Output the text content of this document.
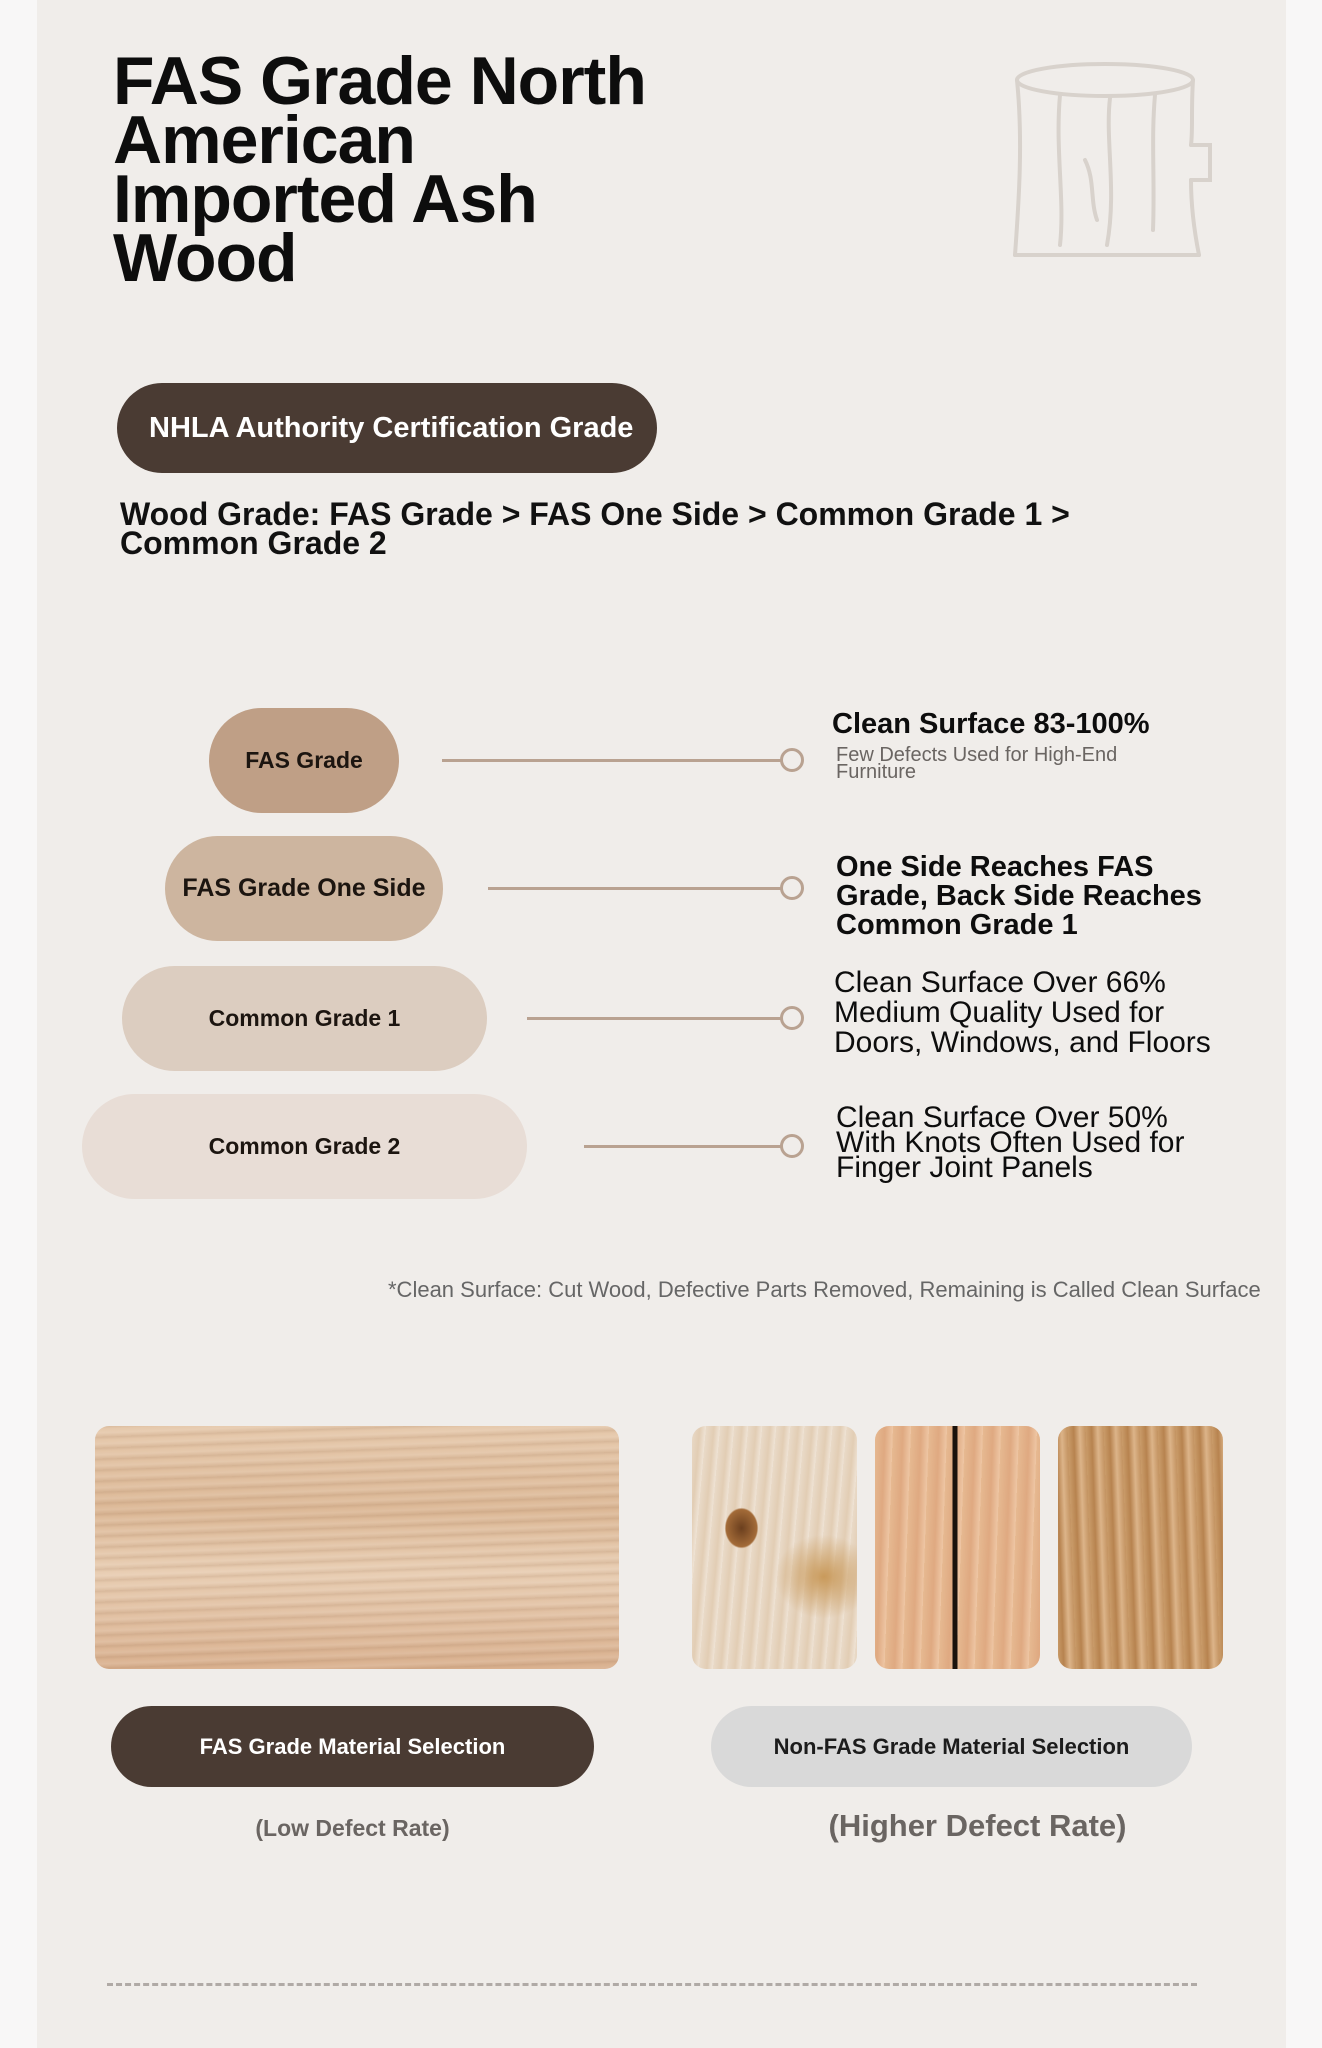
FAS Grade North American Imported Ash Wood
NHLA Authority Certification Grade

Wood Grade: FAS Grade > FAS One Side > Common Grade 1 > Common Grade 2

FAS Grade
FAS Grade One Side
Common Grade 1
Common Grade 2

Clean Surface 83-100%

Few Defects Used for High-End Furniture

One Side Reaches FAS Grade, Back Side Reaches Common Grade 1

Clean Surface Over 66% Medium Quality Used for Doors, Windows, and Floors

Clean Surface Over 50% With Knots Often Used for Finger Joint Panels

*Clean Surface: Cut Wood, Defective Parts Removed, Remaining is Called Clean Surface
FAS Grade Material Selection	Non-FAS Grade Material Selection
(Low Defect Rate)	(Higher Defect Rate)
